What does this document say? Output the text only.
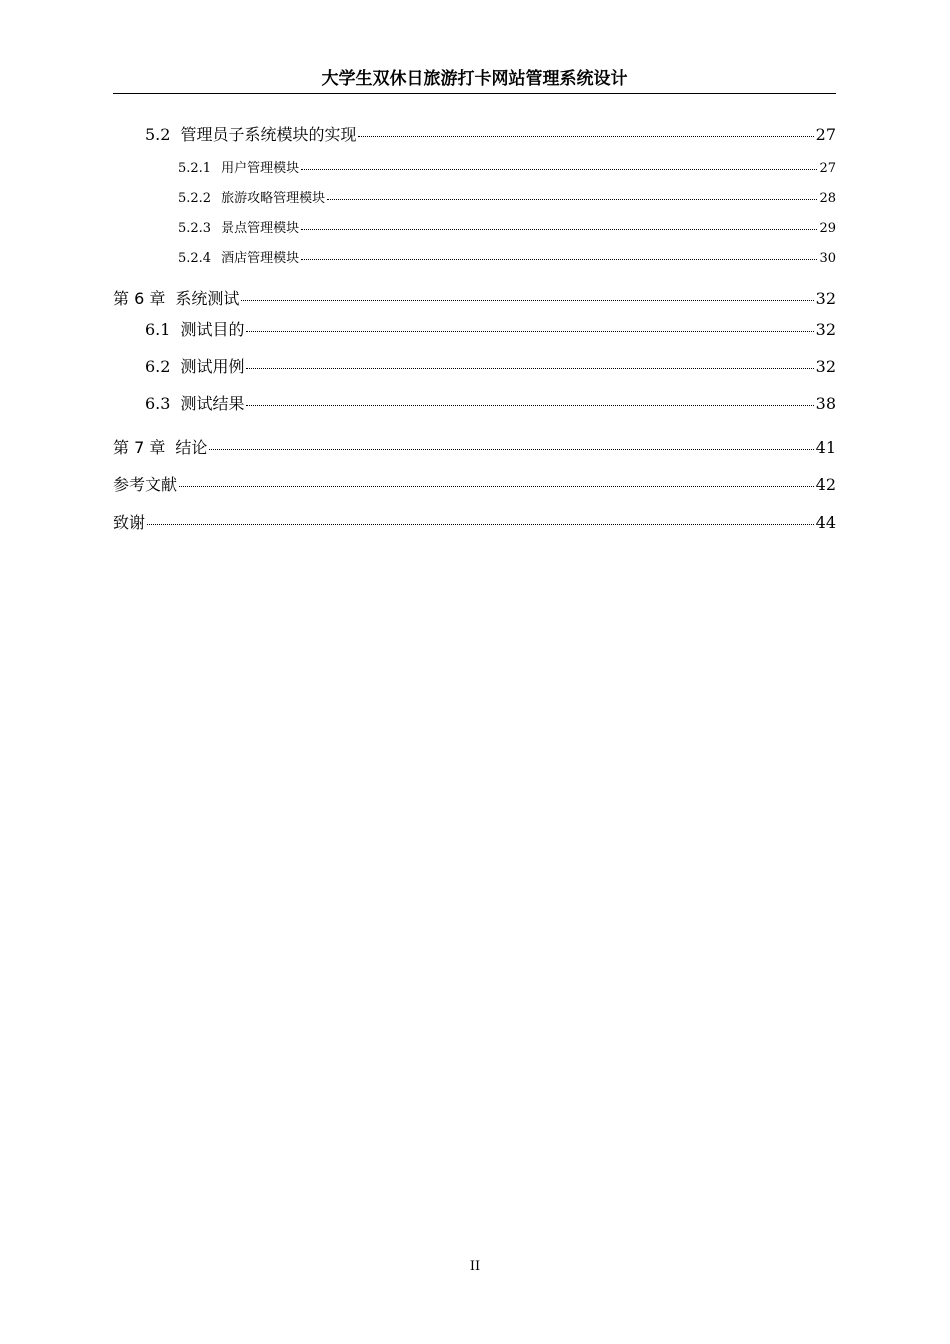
大学生双休日旅游打卡网站管理系统设计
5.2 管理员子系统模块的实现	27
5.2.1 用户管理模块	27
5.2.2 旅游攻略管理模块	28
5.2.3 景点管理模块	29
5.2.4 酒店管理模块	30
第 6 章 系统测试	32
6.1 测试目的	32
6.2 测试用例	32
6.3 测试结果	38
第 7 章 结论	41
参考文献	42
致谢	44
II
